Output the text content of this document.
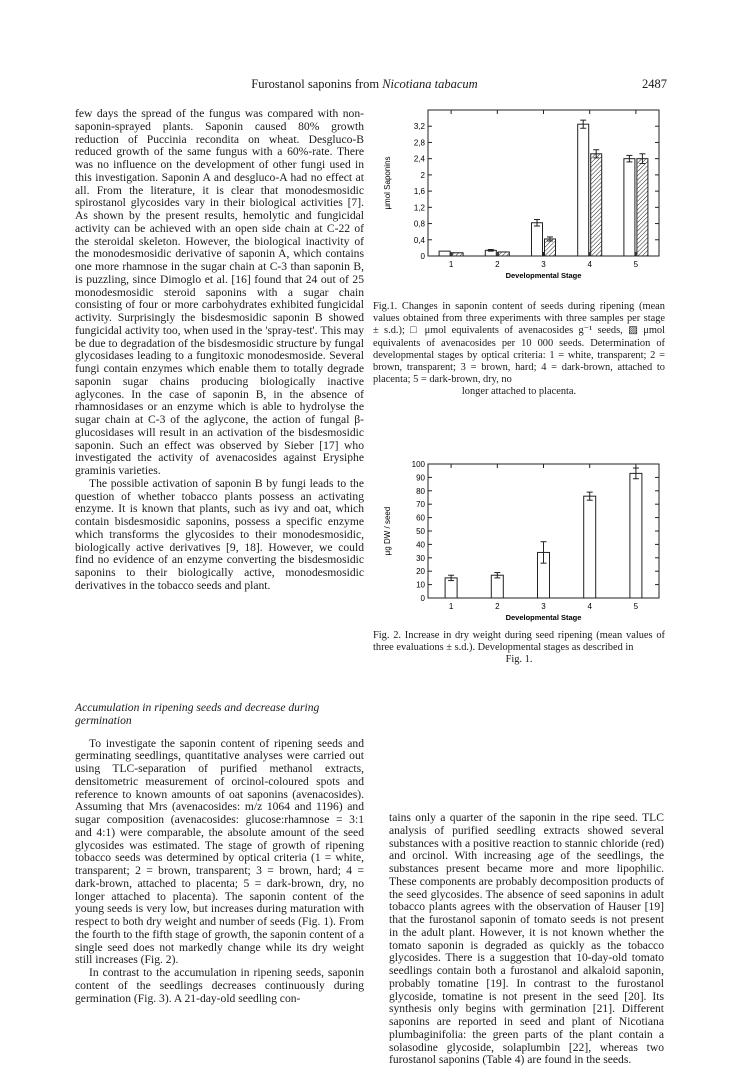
Furostanol saponins from Nicotiana tabacum	2487

few days the spread of the fungus was compared with non-saponin-sprayed plants. Saponin caused 80% growth reduction of Puccinia recondita on wheat. Desgluco-B reduced growth of the same fungus with a 60%-rate. There was no influence on the development of other fungi used in this investigation. Saponin A and desgluco-A had no effect at all. From the literature, it is clear that monodesmosidic spirostanol glycosides vary in their biological activities [7]. As shown by the present results, hemolytic and fungicidal activity can be achieved with an open side chain at C-22 of the steroidal skeleton. However, the biological inactivity of the monodesmosidic derivative of saponin A, which contains one more rhamnose in the sugar chain at C-3 than saponin B, is puzzling, since Dimoglo et al. [16] found that 24 out of 25 monodesmosidic steroid saponins with a sugar chain consisting of four or more carbohydrates exhibited fungicidal activity. Surprisingly the bisdesmosidic saponin B showed fungicidal activity too, when used in the 'spray-test'. This may be due to degradation of the bisdesmosidic structure by fungal glycosidases leading to a fungitoxic monodesmoside. Several fungi contain enzymes which enable them to totally degrade saponin sugar chains producing biologically inactive aglycones. In the case of saponin B, in the absence of rhamnosidases or an enzyme which is able to hydrolyse the sugar chain at C-3 of the aglycone, the action of fungal β-glucosidases will result in an activation of the bisdesmosidic saponin. Such an effect was observed by Sieber [17] who investigated the activity of avenacosides against Erysiphe graminis varieties.

The possible activation of saponin B by fungi leads to the question of whether tobacco plants possess an activating enzyme. It is known that plants, such as ivy and oat, which contain bisdesmosidic saponins, possess a specific enzyme which transforms the glycosides to their monodesmosidic, biologically active derivatives [9, 18]. However, we could find no evidence of an enzyme converting the bisdesmosidic saponins to their biologically active, monodesmosidic derivatives in the tobacco seeds and plant.

Accumulation in ripening seeds and decrease during germination

To investigate the saponin content of ripening seeds and germinating seedlings, quantitative analyses were carried out using TLC-separation of purified methanol extracts, densitometric measurement of orcinol-coloured spots and reference to known amounts of oat saponins (avenacosides). Assuming that Mrs (avenacosides: m/z 1064 and 1196) and sugar composition (avenacosides: glucose:rhamnose = 3:1 and 4:1) were comparable, the absolute amount of the seed glycosides was estimated. The stage of growth of ripening tobacco seeds was determined by optical criteria (1 = white, transparent; 2 = brown, transparent; 3 = brown, hard; 4 = dark-brown, attached to placenta; 5 = dark-brown, dry, no longer attached to placenta). The saponin content of the young seeds is very low, but increases during maturation with respect to both dry weight and number of seeds (Fig. 1). From the fourth to the fifth stage of growth, the saponin content of a single seed does not markedly change while its dry weight still increases (Fig. 2).

In contrast to the accumulation in ripening seeds, saponin content of the seedlings decreases continuously during germination (Fig. 3). A 21-day-old seedling con-

tains only a quarter of the saponin in the ripe seed. TLC analysis of purified seedling extracts showed several substances with a positive reaction to stannic chloride (red) and orcinol. With increasing age of the seedlings, the substances present became more and more lipophilic. These components are probably decomposition products of the seed glycosides. The absence of seed saponins in adult tobacco plants agrees with the observation of Hauser [19] that the furostanol saponin of tomato seeds is not present in the adult plant. However, it is not known whether the tomato saponin is degraded as quickly as the tobacco glycosides. There is a suggestion that 10-day-old tomato seedlings contain both a furostanol and alkaloid saponin, probably tomatine [19]. In contrast to the furostanol glycoside, tomatine is not present in the seed [20]. Its synthesis only begins with germination [21]. Different saponins are reported in seed and plant of Nicotiana plumbaginifolia: the green parts of the plant contain a solasodine glycoside, solaplumbin [22], whereas two furostanol saponins (Table 4) are found in the seeds.

0
0,4
0,8
1,2
1,6
2
2,4
2,8
3,2
μmol Saponins
1	2	3	4	5
Developmental Stage
Fig.1. Changes in saponin content of seeds during ripening (mean values obtained from three experiments with three samples per stage ± s.d.); □ μmol equivalents of avenacosides g⁻¹ seeds, ▨ μmol equivalents of avenacosides per 10 000 seeds. Determination of developmental stages by optical criteria: 1 = white, transparent; 2 = brown, transparent; 3 = brown, hard; 4 = dark-brown, attached to placenta; 5 = dark-brown, dry, no
longer attached to placenta.
0
10
20
30
40
50
60
70
80
90
100
μg DW / seed
1	2	3	4	5
Developmental Stage
Fig. 2. Increase in dry weight during seed ripening (mean values of three evaluations ± s.d.). Developmental stages as described in
Fig. 1.
